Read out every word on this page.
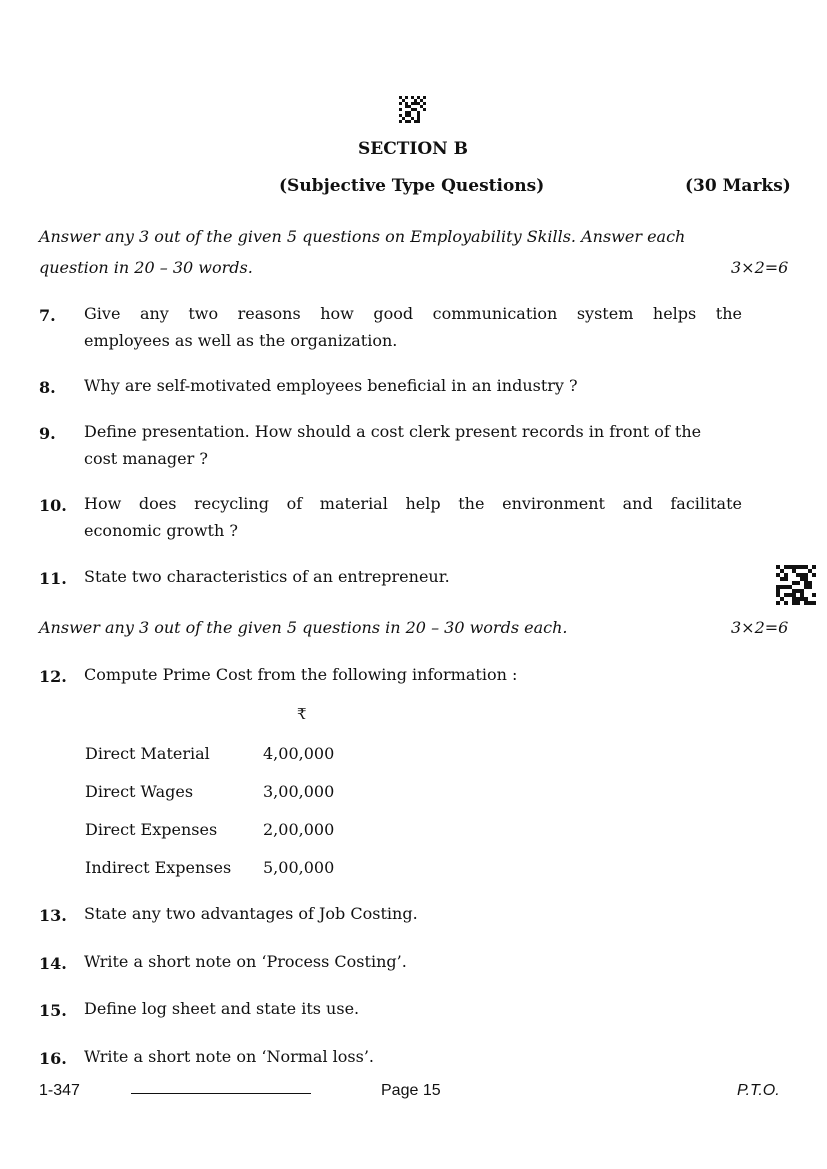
SECTION B
(Subjective Type Questions)	(30 Marks)
Answer any 3 out of the given 5 questions on Employability Skills. Answer each
question in 20 – 30 words.	3×2=6
7. Give any two reasons how good communication system helps the
employees as well as the organization.
8. Why are self-motivated employees beneficial in an industry ?
9. Define presentation. How should a cost clerk present records in front of the
cost manager ?
10. How does recycling of material help the environment and facilitate
economic growth ?
11. State two characteristics of an entrepreneur.
Answer any 3 out of the given 5 questions in 20 – 30 words each.	3×2=6
12. Compute Prime Cost from the following information :
₹
Direct Material	4,00,000
Direct Wages	3,00,000
Direct Expenses	2,00,000
Indirect Expenses 5,00,000
13. State any two advantages of Job Costing.
14. Write a short note on ‘Process Costing’.
15. Define log sheet and state its use.
16. Write a short note on ‘Normal loss’.
1-347	Page 15	P.T.O.
